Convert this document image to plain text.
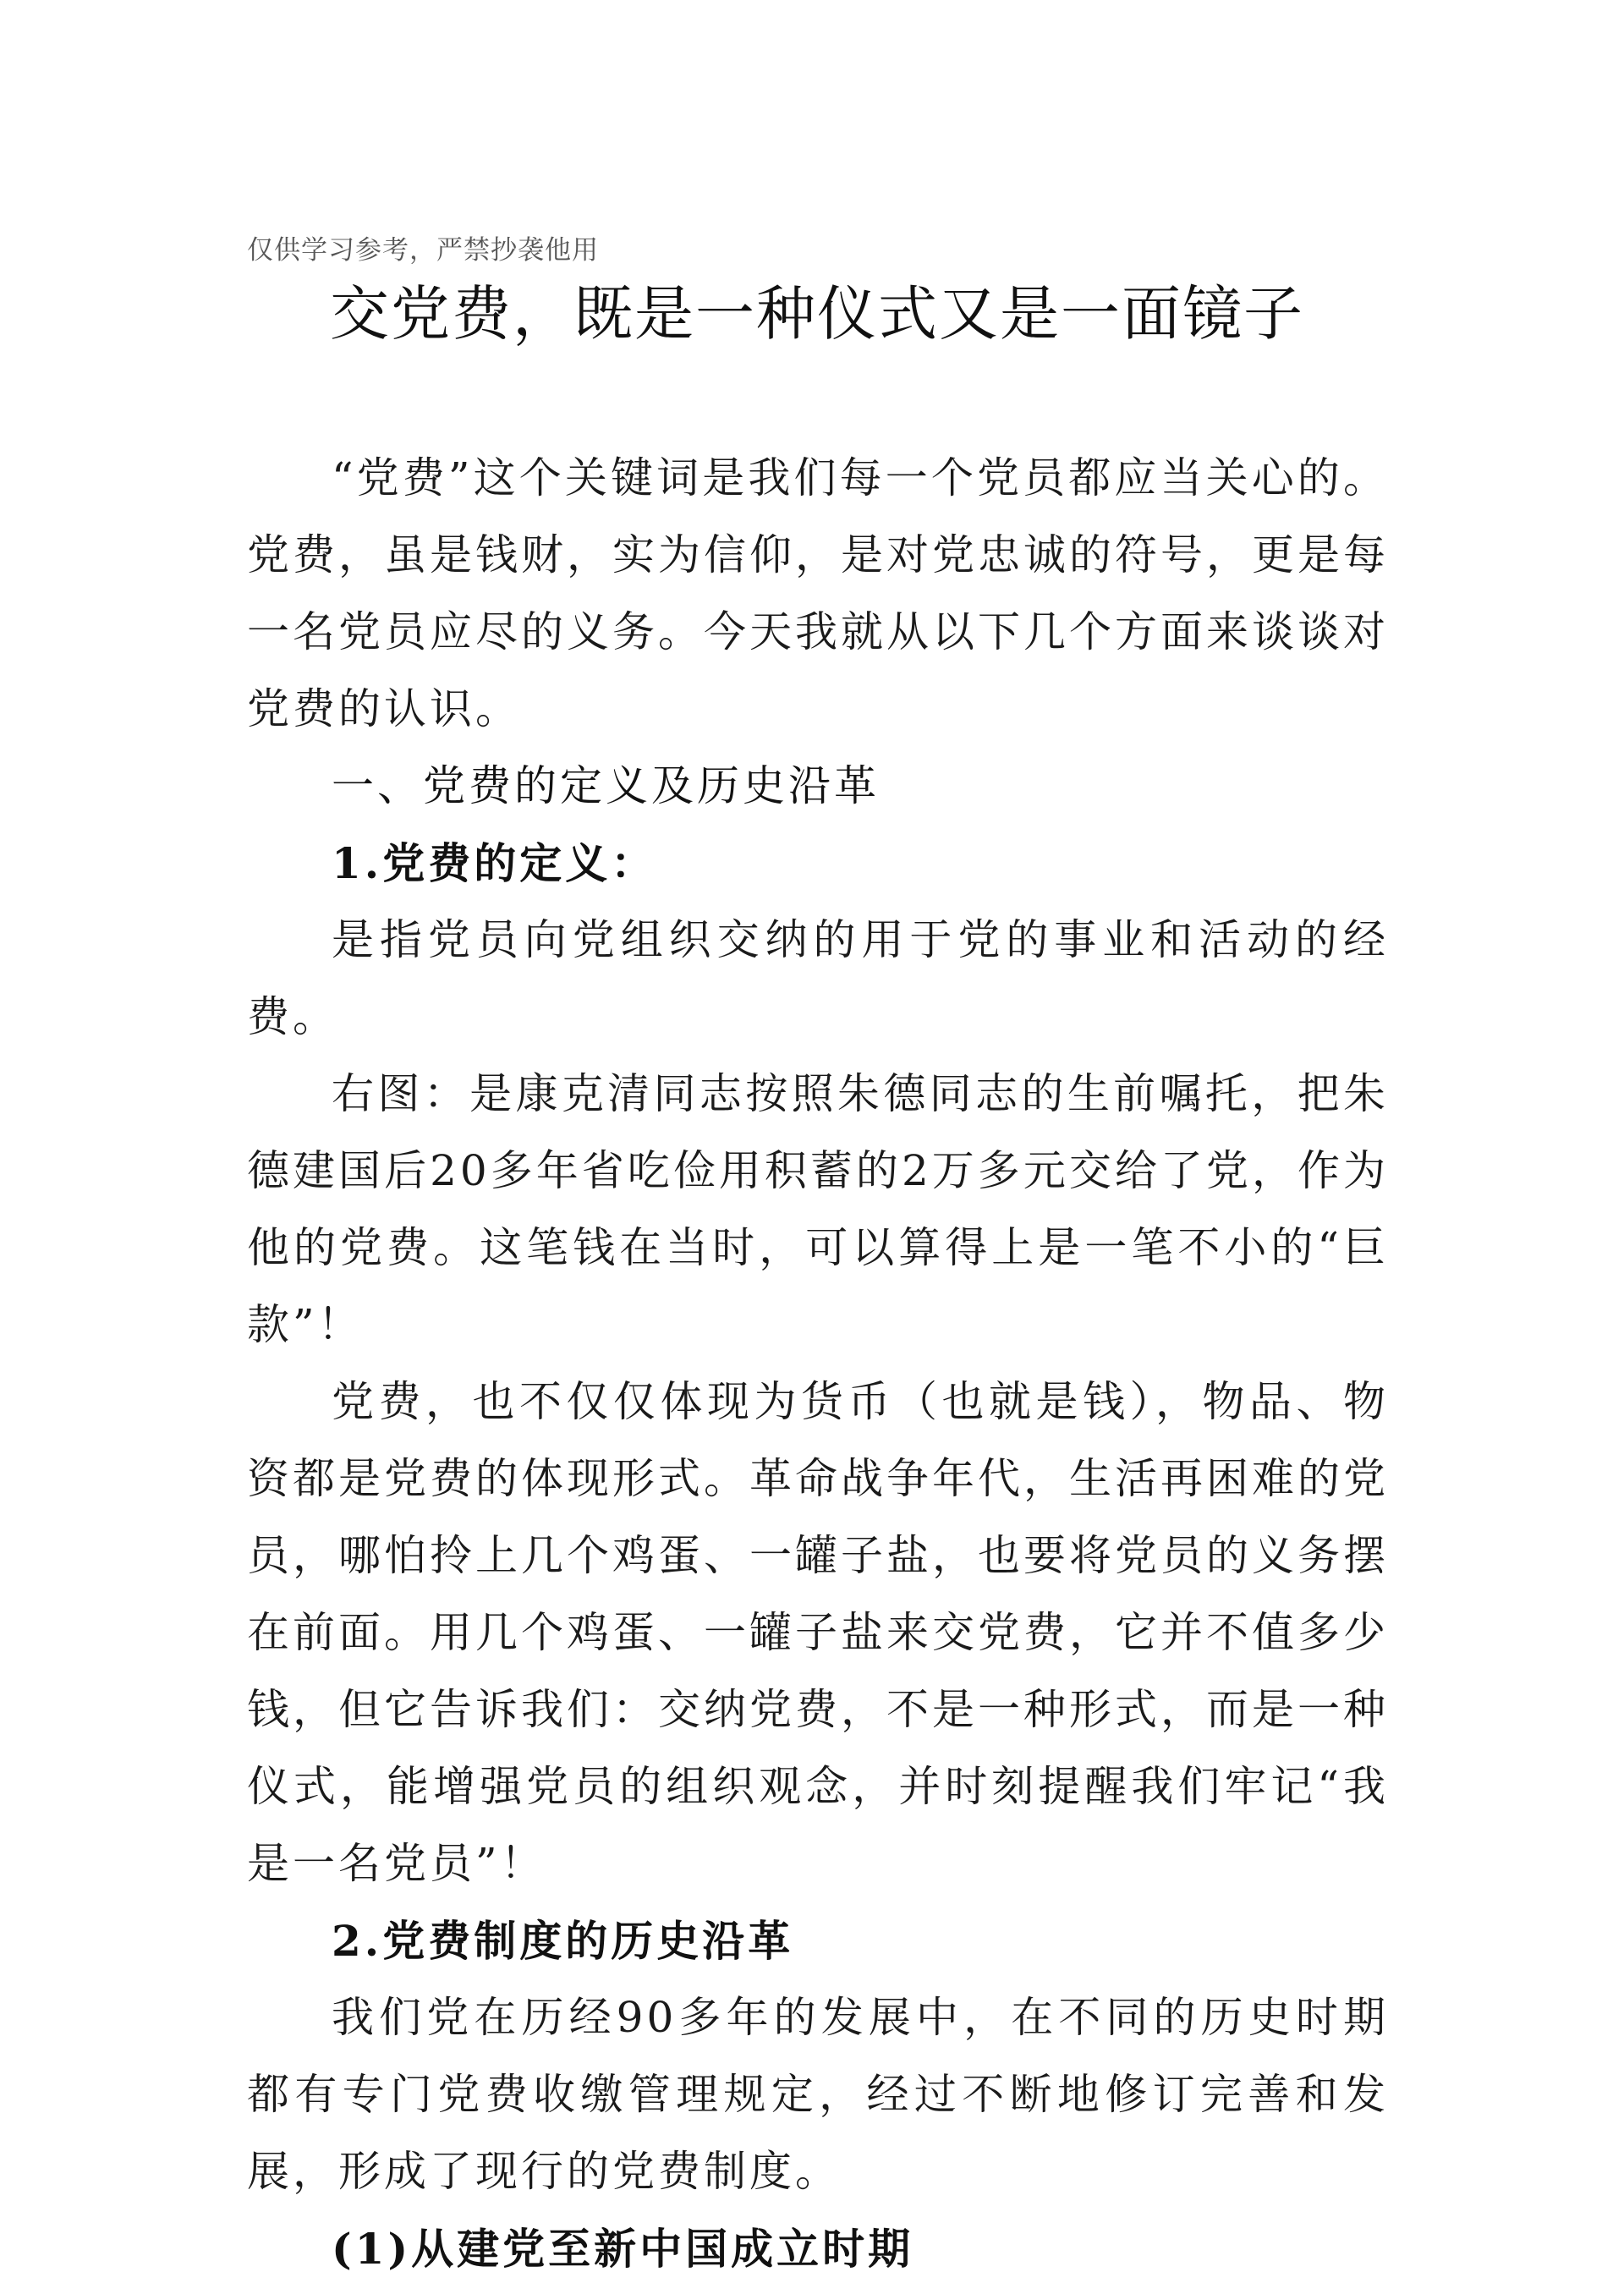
仅供学习参考，严禁抄袭他用
交党费，既是一种仪式又是一面镜子

“党费”这个关键词是我们每一个党员都应当关心的。党费，虽是钱财，实为信仰，是对党忠诚的符号，更是每一名党员应尽的义务。今天我就从以下几个方面来谈谈对党费的认识。

一、党费的定义及历史沿革

1.党费的定义：

是指党员向党组织交纳的用于党的事业和活动的经费。

右图：是康克清同志按照朱德同志的生前嘱托，把朱德建国后20多年省吃俭用积蓄的2万多元交给了党，作为他的党费。这笔钱在当时，可以算得上是一笔不小的“巨款”！

党费，也不仅仅体现为货币（也就是钱），物品、物资都是党费的体现形式。革命战争年代，生活再困难的党员，哪怕拎上几个鸡蛋、一罐子盐，也要将党员的义务摆在前面。用几个鸡蛋、一罐子盐来交党费，它并不值多少钱，但它告诉我们：交纳党费，不是一种形式，而是一种仪式，能增强党员的组织观念，并时刻提醒我们牢记“我是一名党员”！

2.党费制度的历史沿革

我们党在历经90多年的发展中，在不同的历史时期都有专门党费收缴管理规定，经过不断地修订完善和发展，形成了现行的党费制度。

(1)从建党至新中国成立时期
